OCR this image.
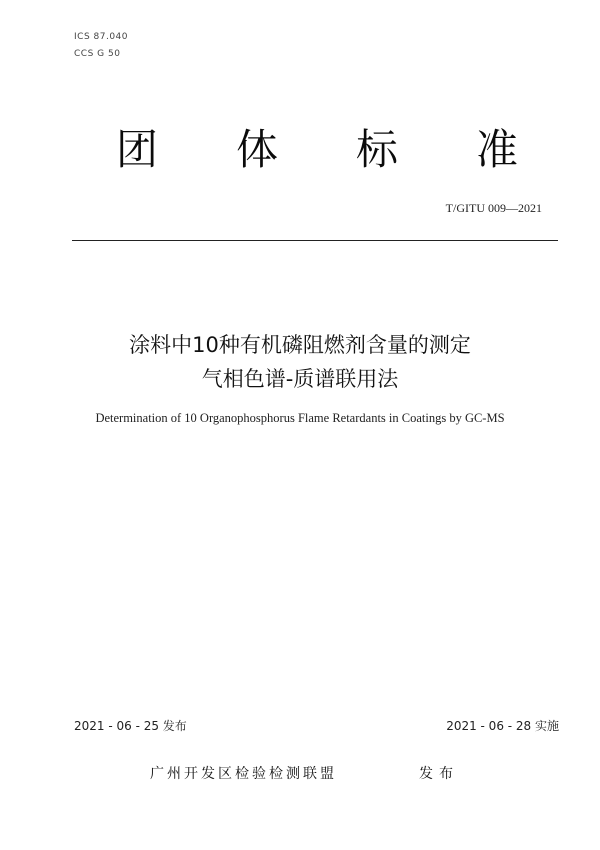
ICS 87.040
CCS G 50
团 体 标 准
T/GITU 009—2021
涂料中10种有机磷阻燃剂含量的测定
气相色谱-质谱联用法
Determination of 10 Organophosphorus Flame Retardants in Coatings by GC-MS
2021 - 06 - 25 发布	2021 - 06 - 28 实施
广州开发区检验检测联盟	发布
